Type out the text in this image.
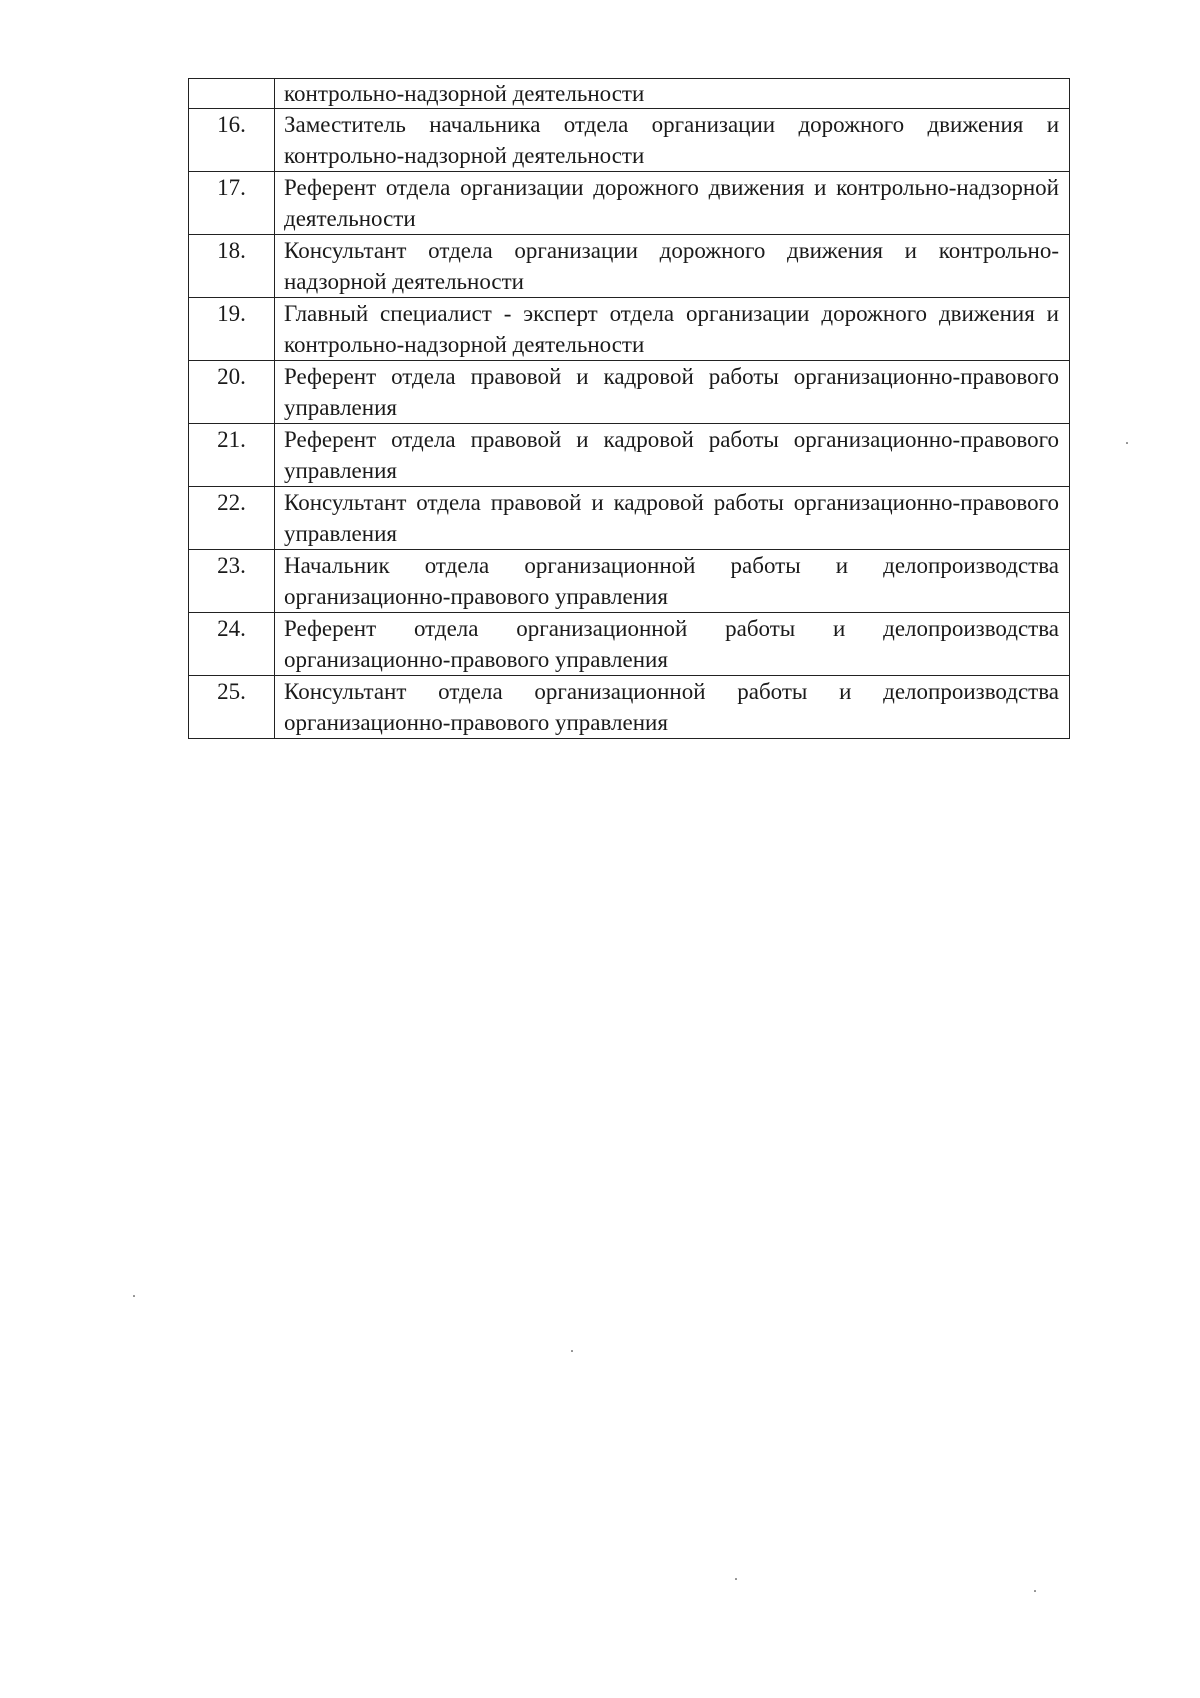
	контрольно-надзорной деятельности
16.	Заместитель начальника отдела организации дорожного движения и контрольно-надзорной деятельности
17.	Референт отдела организации дорожного движения и контрольно-надзорной деятельности
18.	Консультант отдела организации дорожного движения и контрольно-надзорной деятельности
19.	Главный специалист - эксперт отдела организации дорожного движения и контрольно-надзорной деятельности
20.	Референт отдела правовой и кадровой работы организационно-правового управления
21.	Референт отдела правовой и кадровой работы организационно-правового управления
22.	Консультант отдела правовой и кадровой работы организационно-правового управления
23.	Начальник отдела организационной работы и делопроизводства организационно-правового управления
24.	Референт отдела организационной работы и делопроизводства организационно-правового управления
25.	Консультант отдела организационной работы и делопроизводства организационно-правового управления
